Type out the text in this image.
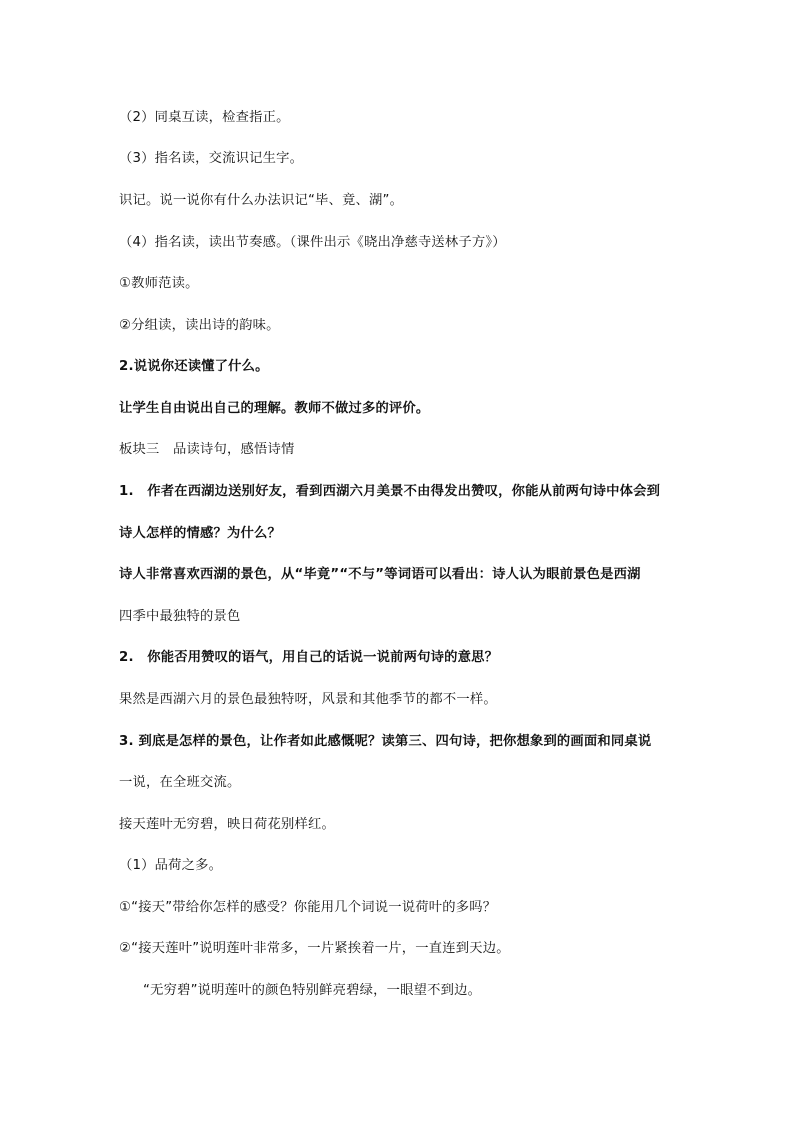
（2）同桌互读，检查指正。
（3）指名读，交流识记生字。
识记。说一说你有什么办法识记“毕、竟、湖”。
（4）指名读，读出节奏感。（课件出示《晓出净慈寺送林子方》）
①教师范读。
②分组读，读出诗的韵味。
2.说说你还读懂了什么。
让学生自由说出自己的理解。教师不做过多的评价。
板块三　品读诗句，感悟诗情
1.　作者在西湖边送别好友，看到西湖六月美景不由得发出赞叹，你能从前两句诗中体会到
诗人怎样的情感？为什么？
诗人非常喜欢西湖的景色，从“毕竟”“不与”等词语可以看出：诗人认为眼前景色是西湖
四季中最独特的景色
2.　你能否用赞叹的语气，用自己的话说一说前两句诗的意思？
果然是西湖六月的景色最独特呀，风景和其他季节的都不一样。
3. 到底是怎样的景色，让作者如此感慨呢？读第三、四句诗，把你想象到的画面和同桌说
一说，在全班交流。
接天莲叶无穷碧，映日荷花别样红。
（1）品荷之多。
①“接天”带给你怎样的感受？你能用几个词说一说荷叶的多吗？
②“接天莲叶”说明莲叶非常多，一片紧挨着一片，一直连到天边。
“无穷碧”说明莲叶的颜色特别鲜亮碧绿，一眼望不到边。
